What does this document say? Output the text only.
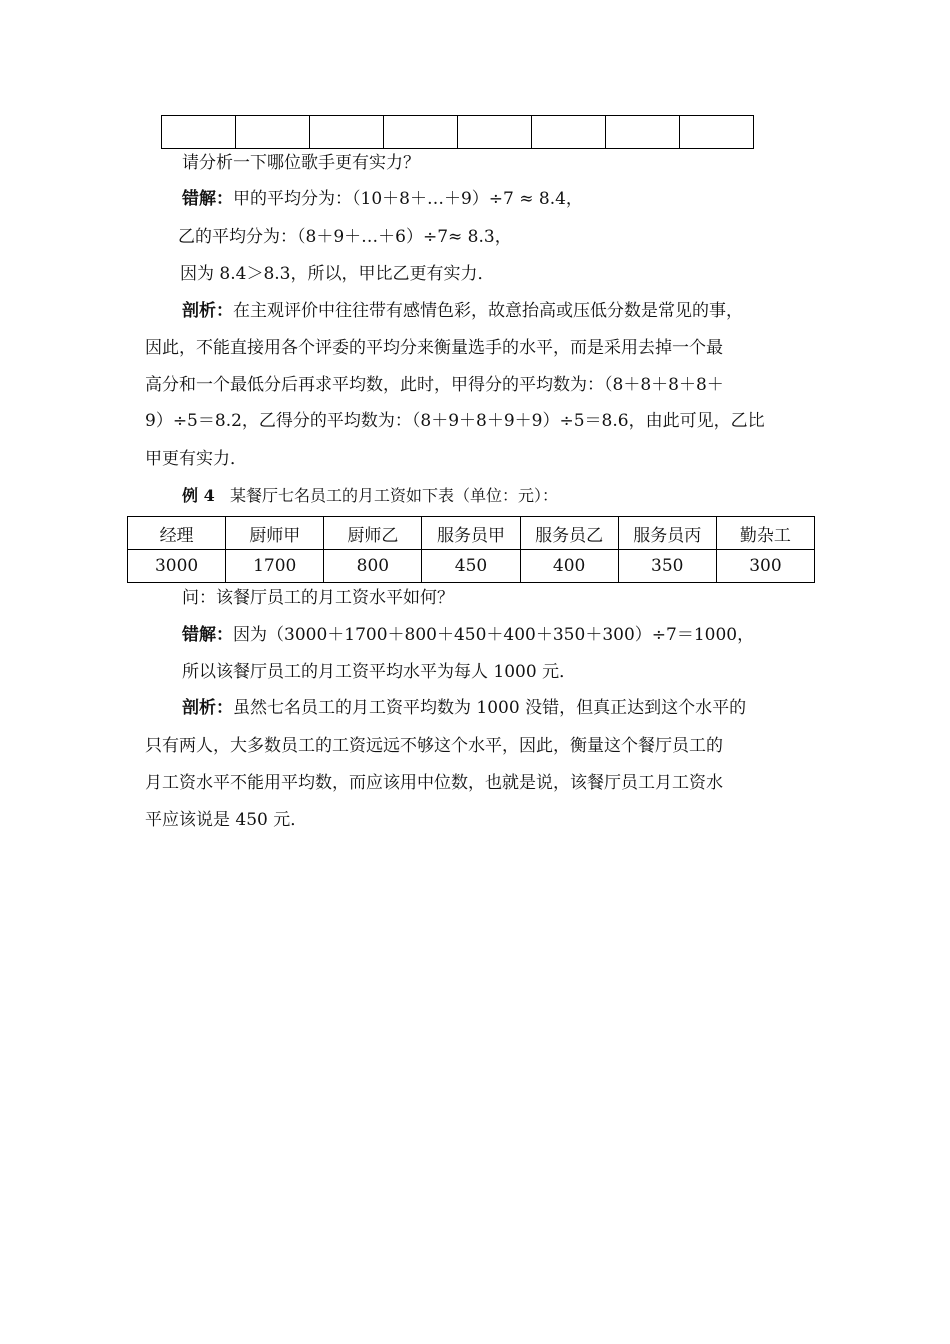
请分析一下哪位歌手更有实力？
错解：甲的平均分为：（10＋8＋…＋9）÷7 ≈ 8.4，
乙的平均分为：（8＋9＋…＋6）÷7≈ 8.3，
因为 8.4＞8.3，所以，甲比乙更有实力．
剖析：在主观评价中往往带有感情色彩，故意抬高或压低分数是常见的事，
因此，不能直接用各个评委的平均分来衡量选手的水平，而是采用去掉一个最
高分和一个最低分后再求平均数，此时，甲得分的平均数为：（8＋8＋8＋8＋
9）÷5＝8.2，乙得分的平均数为：（8＋9＋8＋9＋9）÷5＝8.6，由此可见，乙比
甲更有实力．
例 4 某餐厅七名员工的月工资如下表（单位：元）：
经理	厨师甲	厨师乙	服务员甲	服务员乙	服务员丙	勤杂工
3000	1700	800	450	400	350	300
问：该餐厅员工的月工资水平如何？
错解：因为（3000＋1700＋800＋450＋400＋350＋300）÷7＝1000，
所以该餐厅员工的月工资平均水平为每人 1000 元．
剖析：虽然七名员工的月工资平均数为 1000 没错，但真正达到这个水平的
只有两人，大多数员工的工资远远不够这个水平，因此，衡量这个餐厅员工的
月工资水平不能用平均数，而应该用中位数，也就是说，该餐厅员工月工资水
平应该说是 450 元．
